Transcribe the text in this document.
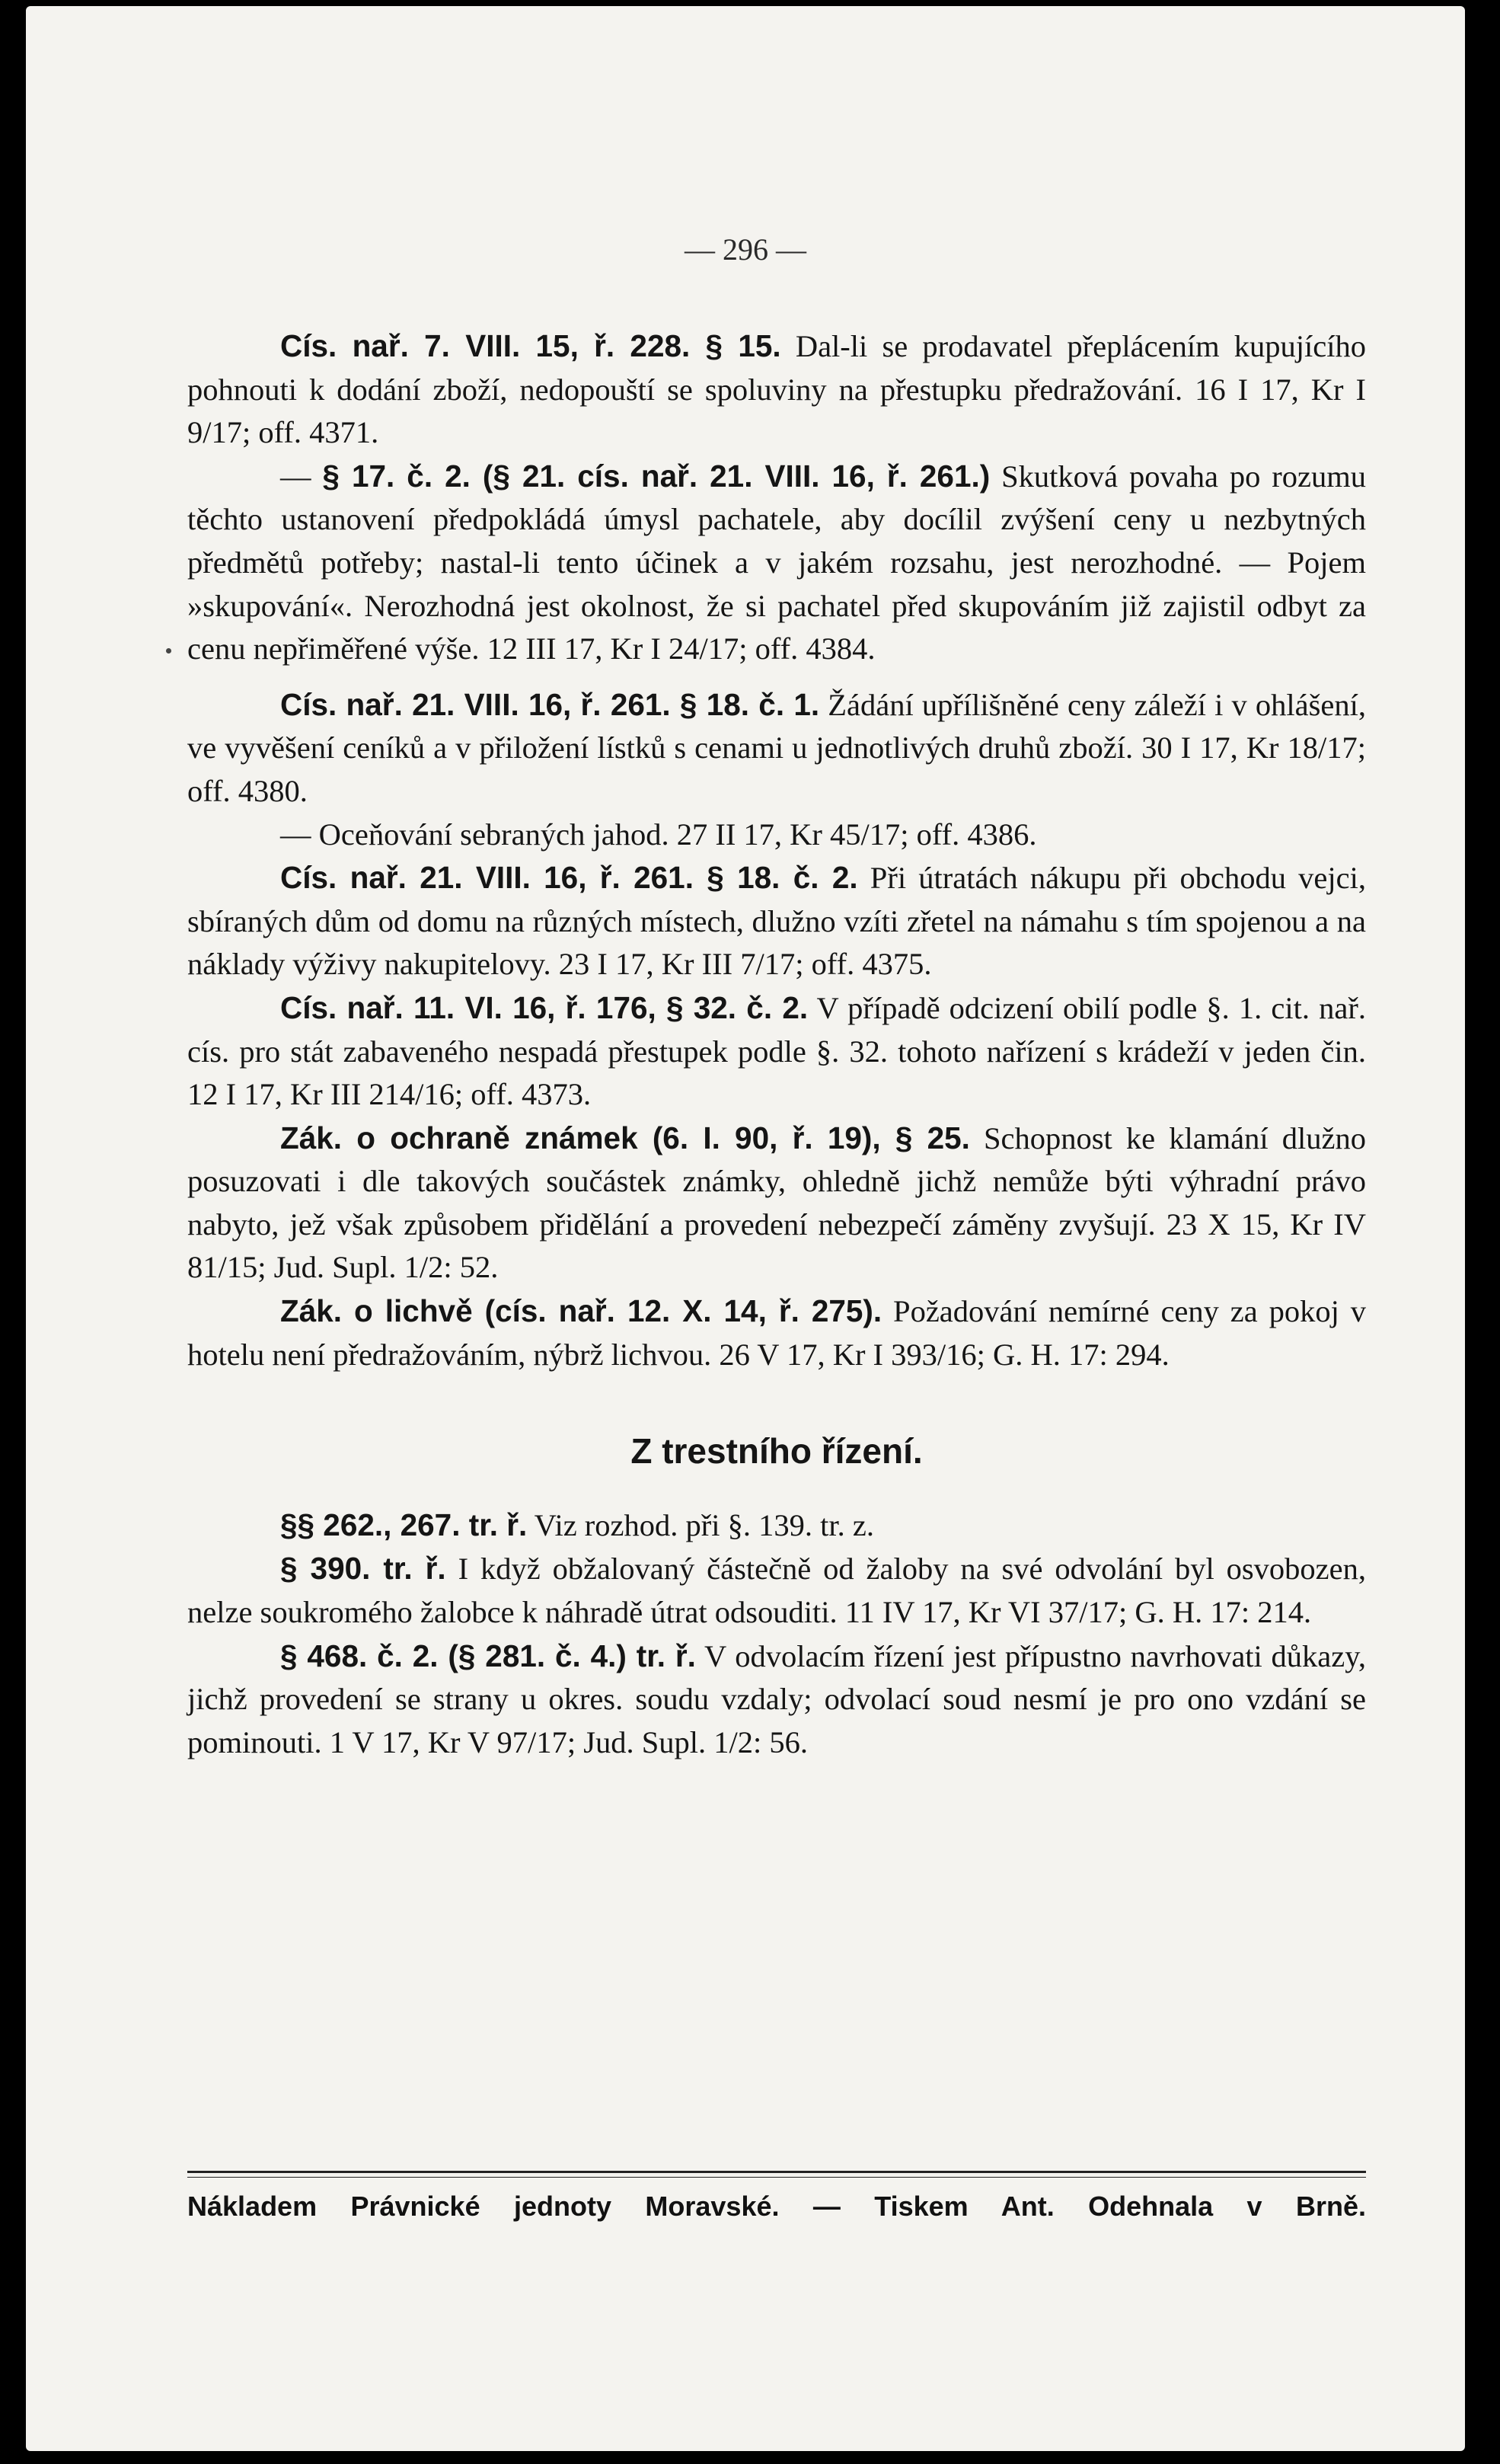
— 296 —

Cís. nař. 7. VIII. 15, ř. 228. § 15. Dal-li se prodavatel přeplácením kupujícího pohnouti k dodání zboží, nedopouští se spoluviny na přestupku předražování. 16 I 17, Kr I 9/17; off. 4371.

— § 17. č. 2. (§ 21. cís. nař. 21. VIII. 16, ř. 261.) Skutková povaha po rozumu těchto ustanovení předpokládá úmysl pachatele, aby docílil zvýšení ceny u nezbytných předmětů potřeby; nastal-li tento účinek a v jakém rozsahu, jest nerozhodné. — Pojem »skupování«. Nerozhodná jest okolnost, že si pachatel před skupováním již zajistil odbyt za cenu nepřiměřené výše. 12 III 17, Kr I 24/17; off. 4384.

Cís. nař. 21. VIII. 16, ř. 261. § 18. č. 1. Žádání upřílišněné ceny záleží i v ohlášení, ve vyvěšení ceníků a v přiložení lístků s cenami u jednotlivých druhů zboží. 30 I 17, Kr 18/17; off. 4380.

— Oceňování sebraných jahod. 27 II 17, Kr 45/17; off. 4386.

Cís. nař. 21. VIII. 16, ř. 261. § 18. č. 2. Při útratách nákupu při obchodu vejci, sbíraných dům od domu na různých místech, dlužno vzíti zřetel na námahu s tím spojenou a na náklady výživy nakupitelovy. 23 I 17, Kr III 7/17; off. 4375.

Cís. nař. 11. VI. 16, ř. 176, § 32. č. 2. V případě odcizení obilí podle §. 1. cit. nař. cís. pro stát zabaveného nespadá přestupek podle §. 32. tohoto nařízení s krádeží v jeden čin. 12 I 17, Kr III 214/16; off. 4373.

Zák. o ochraně známek (6. I. 90, ř. 19), § 25. Schopnost ke klamání dlužno posuzovati i dle takových součástek známky, ohledně jichž nemůže býti výhradní právo nabyto, jež však způsobem přidělání a provedení nebezpečí záměny zvyšují. 23 X 15, Kr IV 81/15; Jud. Supl. 1/2: 52.

Zák. o lichvě (cís. nař. 12. X. 14, ř. 275). Požadování nemírné ceny za pokoj v hotelu není předražováním, nýbrž lichvou. 26 V 17, Kr I 393/16; G. H. 17: 294.

Z trestního řízení.

§§ 262., 267. tr. ř. Viz rozhod. při §. 139. tr. z.

§ 390. tr. ř. I když obžalovaný částečně od žaloby na své odvolání byl osvobozen, nelze soukromého žalobce k náhradě útrat odsouditi. 11 IV 17, Kr VI 37/17; G. H. 17: 214.

§ 468. č. 2. (§ 281. č. 4.) tr. ř. V odvolacím řízení jest přípustno navrhovati důkazy, jichž provedení se strany u okres. soudu vzdaly; odvolací soud nesmí je pro ono vzdání se pominouti. 1 V 17, Kr V 97/17; Jud. Supl. 1/2: 56.

Nákladem Právnické jednoty Moravské. — Tiskem Ant. Odehnala v Brně.
